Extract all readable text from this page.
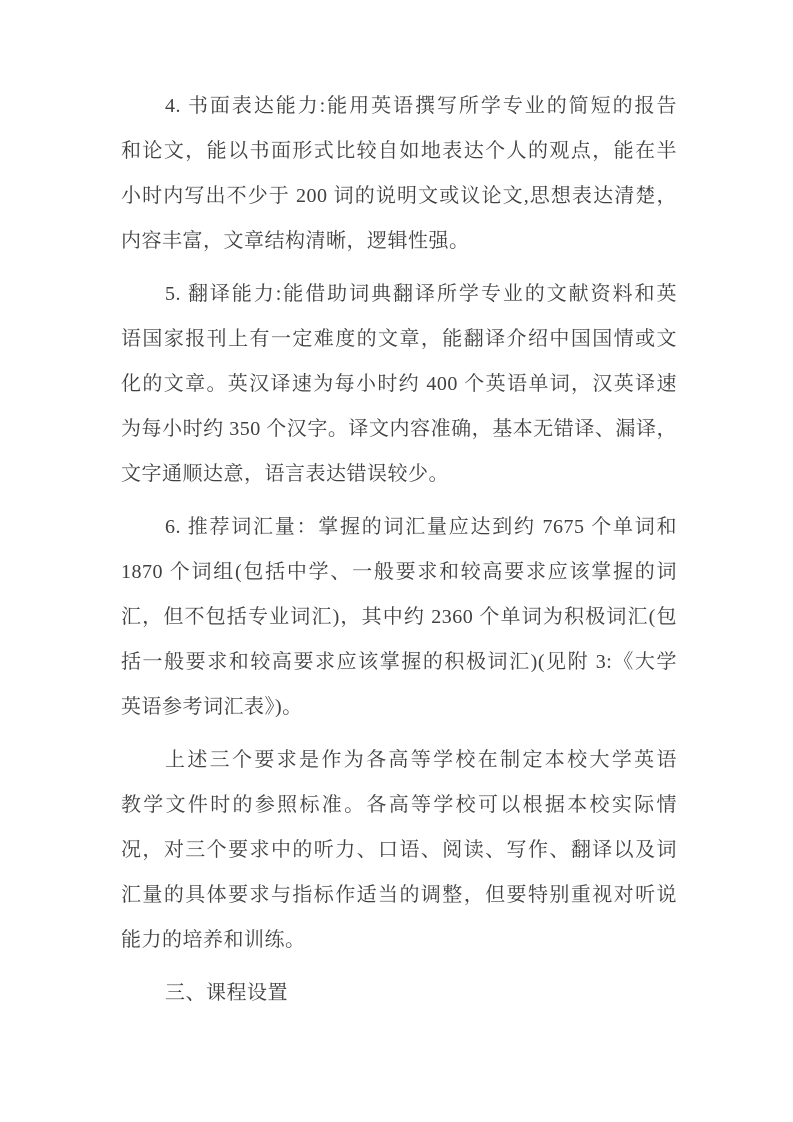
4. 书面表达能力:能用英语撰写所学专业的简短的报告
和论文，能以书面形式比较自如地表达个人的观点，能在半
小时内写出不少于 200 词的说明文或议论文,思想表达清楚，
内容丰富，文章结构清晰，逻辑性强。
5. 翻译能力:能借助词典翻译所学专业的文献资料和英
语国家报刊上有一定难度的文章，能翻译介绍中国国情或文
化的文章。英汉译速为每小时约 400 个英语单词，汉英译速
为每小时约 350 个汉字。译文内容准确，基本无错译、漏译，
文字通顺达意，语言表达错误较少。
6. 推荐词汇量：掌握的词汇量应达到约 7675 个单词和
1870 个词组(包括中学、一般要求和较高要求应该掌握的词
汇，但不包括专业词汇)，其中约 2360 个单词为积极词汇(包
括一般要求和较高要求应该掌握的积极词汇)(见附 3:《大学
英语参考词汇表》)。
上述三个要求是作为各高等学校在制定本校大学英语
教学文件时的参照标准。各高等学校可以根据本校实际情
况，对三个要求中的听力、口语、阅读、写作、翻译以及词
汇量的具体要求与指标作适当的调整，但要特别重视对听说
能力的培养和训练。
三、课程设置
